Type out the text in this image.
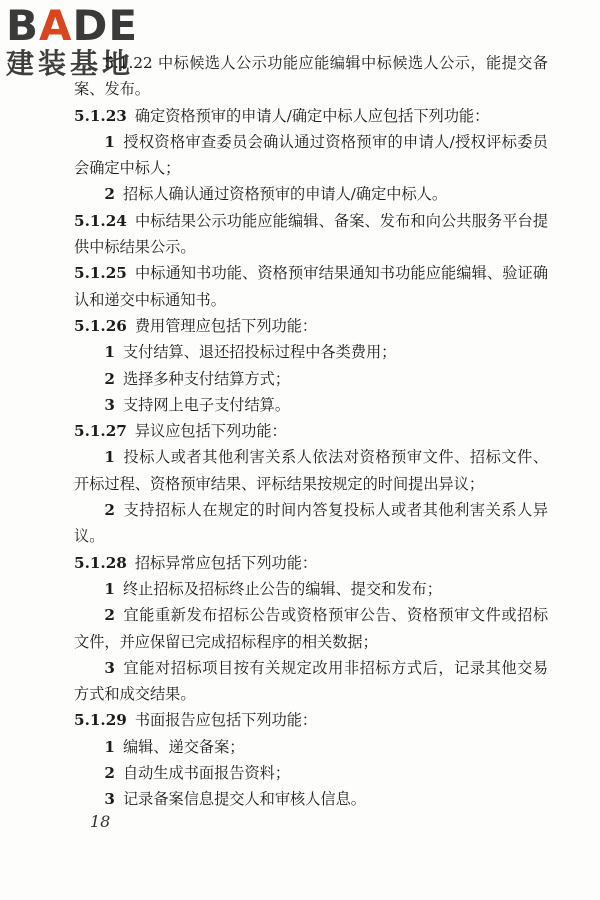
BADE
建装基地

5.1.22 中标候选人公示功能应能编辑中标候选人公示，能提交备案、发布。

5.1.23 确定资格预审的申请人/确定中标人应包括下列功能：

1 授权资格审查委员会确认通过资格预审的申请人/授权评标委员会确定中标人；

2 招标人确认通过资格预审的申请人/确定中标人。

5.1.24 中标结果公示功能应能编辑、备案、发布和向公共服务平台提供中标结果公示。

5.1.25 中标通知书功能、资格预审结果通知书功能应能编辑、验证确认和递交中标通知书。

5.1.26 费用管理应包括下列功能：

1 支付结算、退还招投标过程中各类费用；

2 选择多种支付结算方式；

3 支持网上电子支付结算。

5.1.27 异议应包括下列功能：

1 投标人或者其他利害关系人依法对资格预审文件、招标文件、开标过程、资格预审结果、评标结果按规定的时间提出异议；

2 支持招标人在规定的时间内答复投标人或者其他利害关系人异议。

5.1.28 招标异常应包括下列功能：

1 终止招标及招标终止公告的编辑、提交和发布；

2 宜能重新发布招标公告或资格预审公告、资格预审文件或招标文件，并应保留已完成招标程序的相关数据；

3 宜能对招标项目按有关规定改用非招标方式后，记录其他交易方式和成交结果。

5.1.29 书面报告应包括下列功能：

1 编辑、递交备案；

2 自动生成书面报告资料；

3 记录备案信息提交人和审核人信息。

18
